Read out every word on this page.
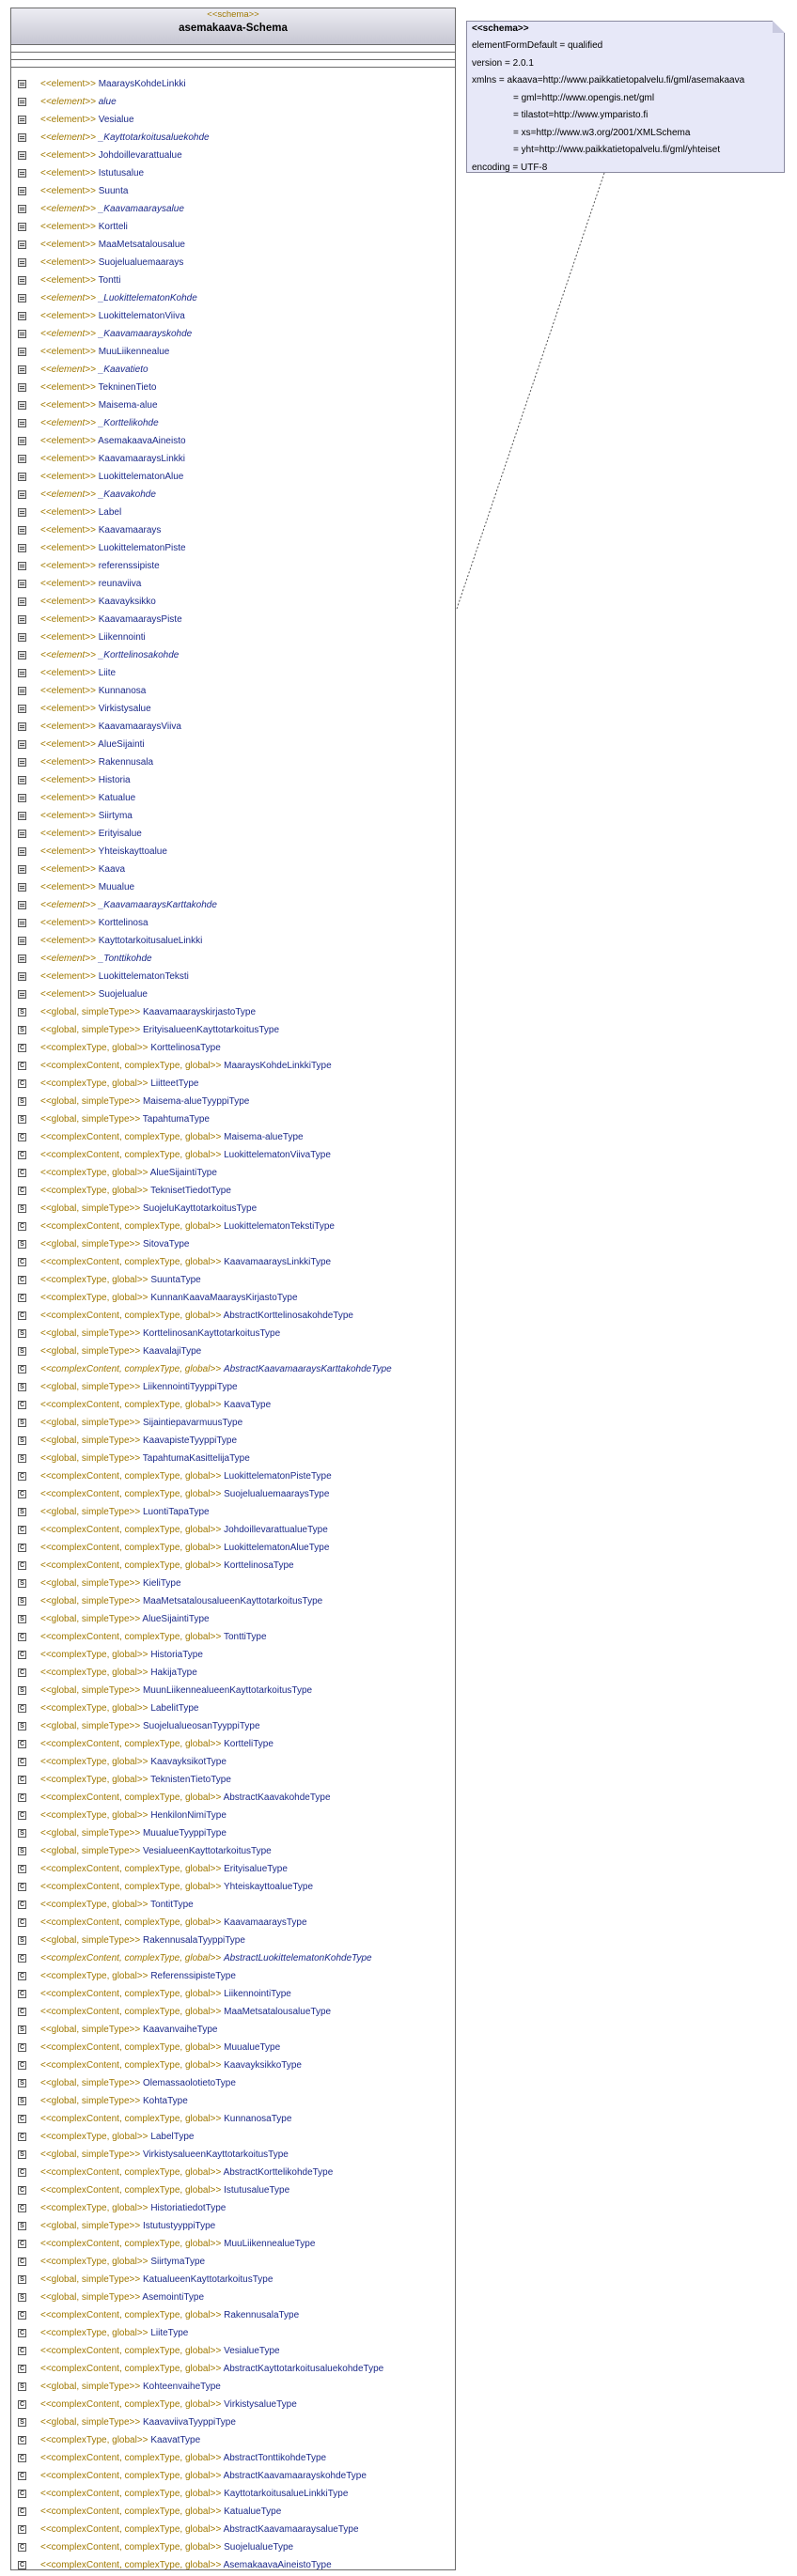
<<schema>>
asemakaava-Schema
<<element>> MaaraysKohdeLinkki
<<element>> alue
<<element>> Vesialue
<<element>> _Kayttotarkoitusaluekohde
<<element>> Johdoillevarattualue
<<element>> Istutusalue
<<element>> Suunta
<<element>> _Kaavamaaraysalue
<<element>> Kortteli
<<element>> MaaMetsatalousalue
<<element>> Suojelualuemaarays
<<element>> Tontti
<<element>> _LuokittelematonKohde
<<element>> LuokittelematonViiva
<<element>> _Kaavamaarayskohde
<<element>> MuuLiikennealue
<<element>> _Kaavatieto
<<element>> TekninenTieto
<<element>> Maisema-alue
<<element>> _Korttelikohde
<<element>> AsemakaavaAineisto
<<element>> KaavamaaraysLinkki
<<element>> LuokittelematonAlue
<<element>> _Kaavakohde
<<element>> Label
<<element>> Kaavamaarays
<<element>> LuokittelematonPiste
<<element>> referenssipiste
<<element>> reunaviiva
<<element>> Kaavayksikko
<<element>> KaavamaaraysPiste
<<element>> Liikennointi
<<element>> _Korttelinosakohde
<<element>> Liite
<<element>> Kunnanosa
<<element>> Virkistysalue
<<element>> KaavamaaraysViiva
<<element>> AlueSijainti
<<element>> Rakennusala
<<element>> Historia
<<element>> Katualue
<<element>> Siirtyma
<<element>> Erityisalue
<<element>> Yhteiskayttoalue
<<element>> Kaava
<<element>> Muualue
<<element>> _KaavamaaraysKarttakohde
<<element>> Korttelinosa
<<element>> KayttotarkoitusalueLinkki
<<element>> _Tonttikohde
<<element>> LuokittelematonTeksti
<<element>> Suojelualue
S
<<global, simpleType>> KaavamaarayskirjastoType
S
<<global, simpleType>> ErityisalueenKayttotarkoitusType
C
<<complexType, global>> KorttelinosaType
C
<<complexContent, complexType, global>> MaaraysKohdeLinkkiType
C
<<complexType, global>> LiitteetType
S
<<global, simpleType>> Maisema-alueTyyppiType
S
<<global, simpleType>> TapahtumaType
C
<<complexContent, complexType, global>> Maisema-alueType
C
<<complexContent, complexType, global>> LuokittelematonViivaType
C
<<complexType, global>> AlueSijaintiType
C
<<complexType, global>> TeknisetTiedotType
S
<<global, simpleType>> SuojeluKayttotarkoitusType
C
<<complexContent, complexType, global>> LuokittelematonTekstiType
S
<<global, simpleType>> SitovaType
C
<<complexContent, complexType, global>> KaavamaaraysLinkkiType
C
<<complexType, global>> SuuntaType
C
<<complexType, global>> KunnanKaavaMaaraysKirjastoType
C
<<complexContent, complexType, global>> AbstractKorttelinosakohdeType
S
<<global, simpleType>> KorttelinosanKayttotarkoitusType
S
<<global, simpleType>> KaavalajiType
C
<<complexContent, complexType, global>> AbstractKaavamaaraysKarttakohdeType
S
<<global, simpleType>> LiikennointiTyyppiType
C
<<complexContent, complexType, global>> KaavaType
S
<<global, simpleType>> SijaintiepavarmuusType
S
<<global, simpleType>> KaavapisteTyyppiType
S
<<global, simpleType>> TapahtumaKasittelijaType
C
<<complexContent, complexType, global>> LuokittelematonPisteType
C
<<complexContent, complexType, global>> SuojelualuemaaraysType
S
<<global, simpleType>> LuontiTapaType
C
<<complexContent, complexType, global>> JohdoillevarattualueType
C
<<complexContent, complexType, global>> LuokittelematonAlueType
C
<<complexContent, complexType, global>> KorttelinosaType
S
<<global, simpleType>> KieliType
S
<<global, simpleType>> MaaMetsatalousalueenKayttotarkoitusType
S
<<global, simpleType>> AlueSijaintiType
C
<<complexContent, complexType, global>> TonttiType
C
<<complexType, global>> HistoriaType
C
<<complexType, global>> HakijaType
S
<<global, simpleType>> MuunLiikennealueenKayttotarkoitusType
C
<<complexType, global>> LabelitType
S
<<global, simpleType>> SuojelualueosanTyyppiType
C
<<complexContent, complexType, global>> KortteliType
C
<<complexType, global>> KaavayksikotType
C
<<complexType, global>> TeknistenTietoType
C
<<complexContent, complexType, global>> AbstractKaavakohdeType
C
<<complexType, global>> HenkilonNimiType
S
<<global, simpleType>> MuualueTyyppiType
S
<<global, simpleType>> VesialueenKayttotarkoitusType
C
<<complexContent, complexType, global>> ErityisalueType
C
<<complexContent, complexType, global>> YhteiskayttoalueType
C
<<complexType, global>> TontitType
C
<<complexContent, complexType, global>> KaavamaaraysType
S
<<global, simpleType>> RakennusalaTyyppiType
C
<<complexContent, complexType, global>> AbstractLuokittelematonKohdeType
C
<<complexType, global>> ReferenssipisteType
C
<<complexContent, complexType, global>> LiikennointiType
C
<<complexContent, complexType, global>> MaaMetsatalousalueType
S
<<global, simpleType>> KaavanvaiheType
C
<<complexContent, complexType, global>> MuualueType
C
<<complexContent, complexType, global>> KaavayksikkoType
S
<<global, simpleType>> OlemassaolotietoType
S
<<global, simpleType>> KohtaType
C
<<complexContent, complexType, global>> KunnanosaType
C
<<complexType, global>> LabelType
S
<<global, simpleType>> VirkistysalueenKayttotarkoitusType
C
<<complexContent, complexType, global>> AbstractKorttelikohdeType
C
<<complexContent, complexType, global>> IstutusalueType
C
<<complexType, global>> HistoriatiedotType
S
<<global, simpleType>> IstutustyyppiType
C
<<complexContent, complexType, global>> MuuLiikennealueType
C
<<complexType, global>> SiirtymaType
S
<<global, simpleType>> KatualueenKayttotarkoitusType
S
<<global, simpleType>> AsemointiType
C
<<complexContent, complexType, global>> RakennusalaType
C
<<complexType, global>> LiiteType
C
<<complexContent, complexType, global>> VesialueType
C
<<complexContent, complexType, global>> AbstractKayttotarkoitusaluekohdeType
S
<<global, simpleType>> KohteenvaiheType
C
<<complexContent, complexType, global>> VirkistysalueType
S
<<global, simpleType>> KaavaviivaTyyppiType
C
<<complexType, global>> KaavatType
C
<<complexContent, complexType, global>> AbstractTonttikohdeType
C
<<complexContent, complexType, global>> AbstractKaavamaarayskohdeType
C
<<complexContent, complexType, global>> KayttotarkoitusalueLinkkiType
C
<<complexContent, complexType, global>> KatualueType
C
<<complexContent, complexType, global>> AbstractKaavamaaraysalueType
C
<<complexContent, complexType, global>> SuojelualueType
C
<<complexContent, complexType, global>> AsemakaavaAineistoType
<<schema>>
elementFormDefault = qualified
version = 2.0.1
xmlns = akaava=http://www.paikkatietopalvelu.fi/gml/asemakaava
= gml=http://www.opengis.net/gml
= tilastot=http://www.ymparisto.fi
= xs=http://www.w3.org/2001/XMLSchema
= yht=http://www.paikkatietopalvelu.fi/gml/yhteiset
encoding = UTF-8
